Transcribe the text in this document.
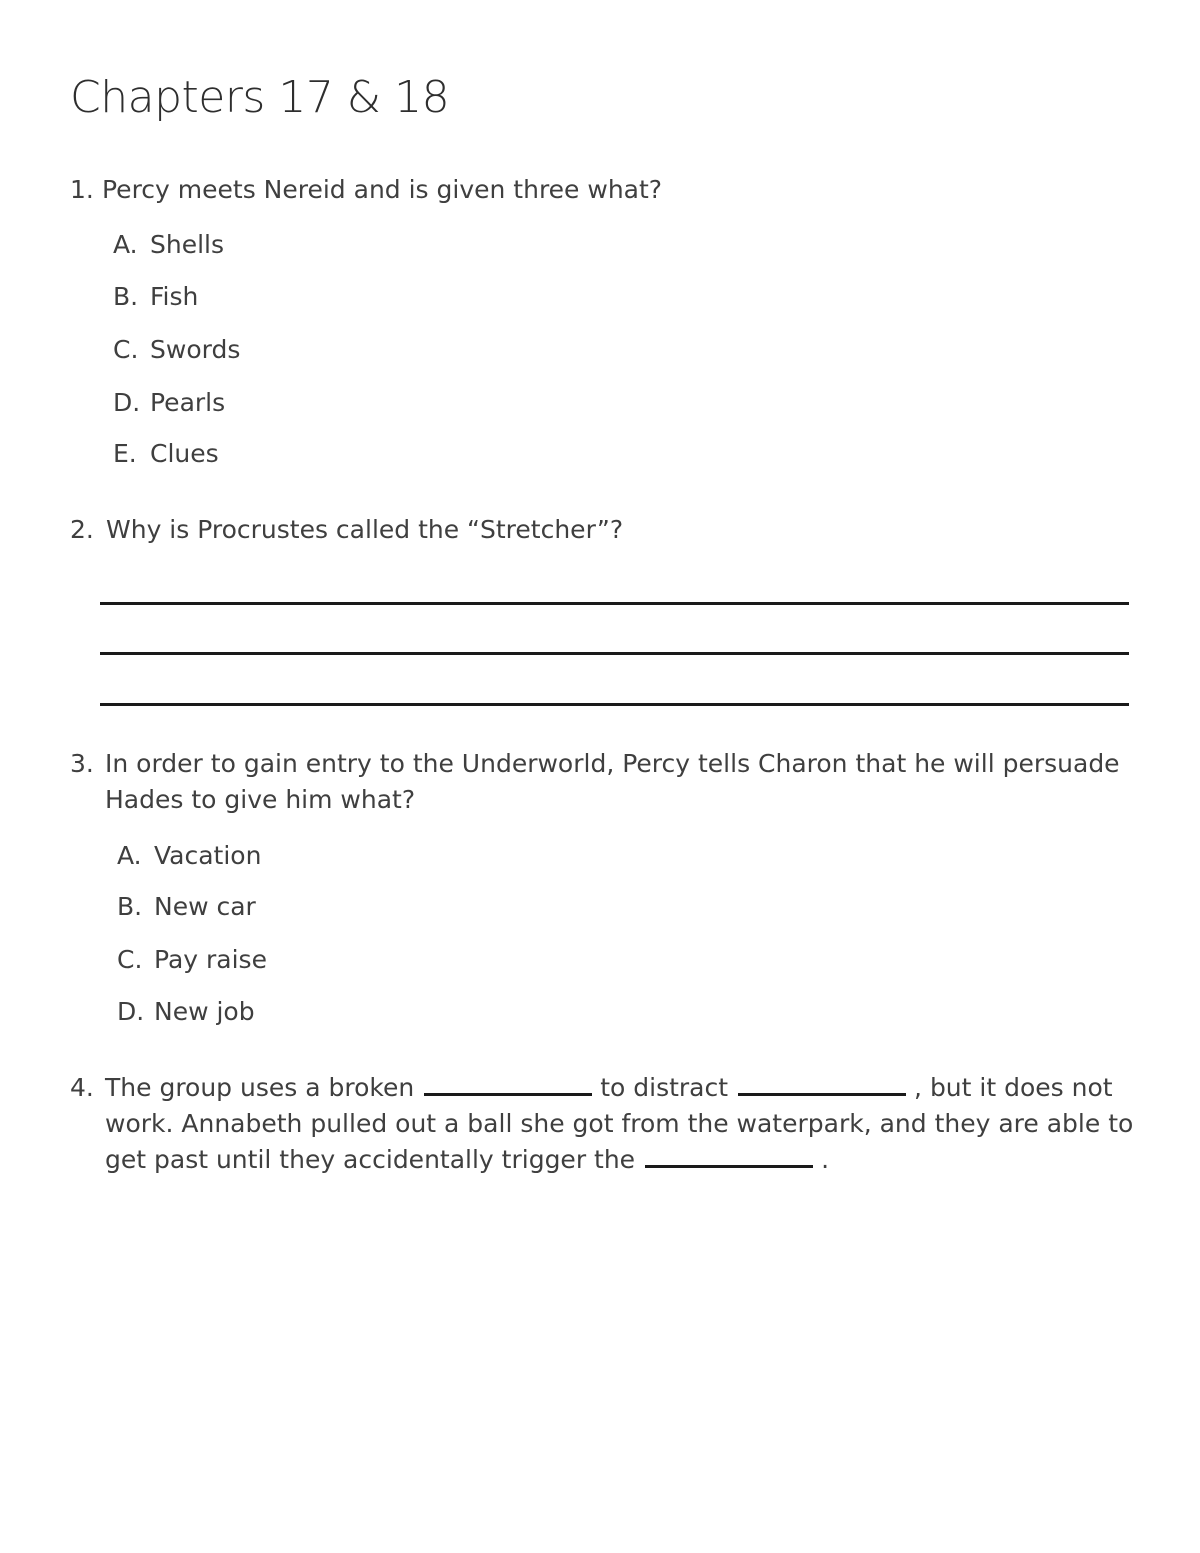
Chapters 17 & 18
1. Percy meets Nereid and is given three what?
A. Shells
B. Fish
C. Swords
D. Pearls
E. Clues
2. Why is Procrustes called the “Stretcher”?
3. In order to gain entry to the Underworld, Percy tells Charon that he will persuade Hades to give him what?
A. Vacation
B. New car
C. Pay raise
D. New job
4. The group uses a broken	to distract	, but it does not work. Annabeth pulled out a ball she got from the waterpark, and they are able to get past until they accidentally trigger the	.
